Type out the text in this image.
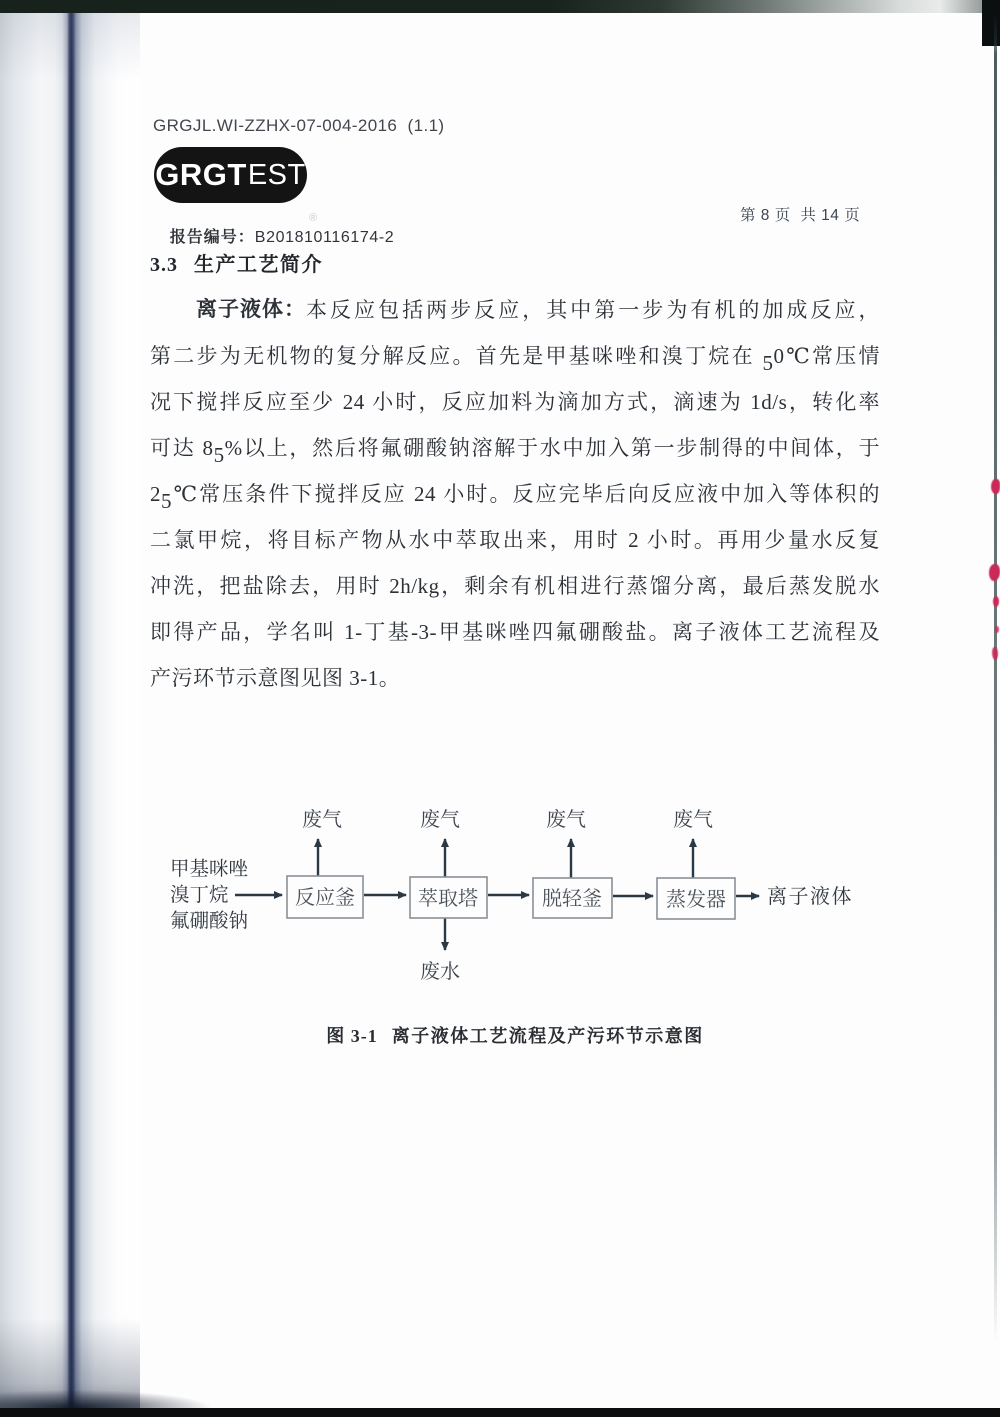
GRGJL.WI-ZZHX-07-004-2016  (1.1)
GRGT EST
®

报告编号：B201810116174-2

第 8 页  共 14 页
3.3 生产工艺简介
离子液体： 本反应包括两步反应，其中第一步为有机的加成反应，
第二步为无机物的复分解反应。首先是甲基咪唑和溴丁烷在 50℃常压情
况下搅拌反应至少 24 小时，反应加料为滴加方式，滴速为 1d/s，转化率
可达 85%以上，然后将氟硼酸钠溶解于水中加入第一步制得的中间体，于
25℃常压条件下搅拌反应 24 小时。反应完毕后向反应液中加入等体积的
二氯甲烷，将目标产物从水中萃取出来，用时 2 小时。再用少量水反复
冲洗，把盐除去，用时 2h/kg，剩余有机相进行蒸馏分离，最后蒸发脱水
即得产品，学名叫 1-丁基-3-甲基咪唑四氟硼酸盐。离子液体工艺流程及
产污环节示意图见图 3-1。
甲基咪唑
溴丁烷
氟硼酸钠
废气	废气	废气	废气
废水
反应釜	萃取塔	脱轻釜	蒸发器 离子液体
图 3-1 离子液体工艺流程及产污环节示意图
